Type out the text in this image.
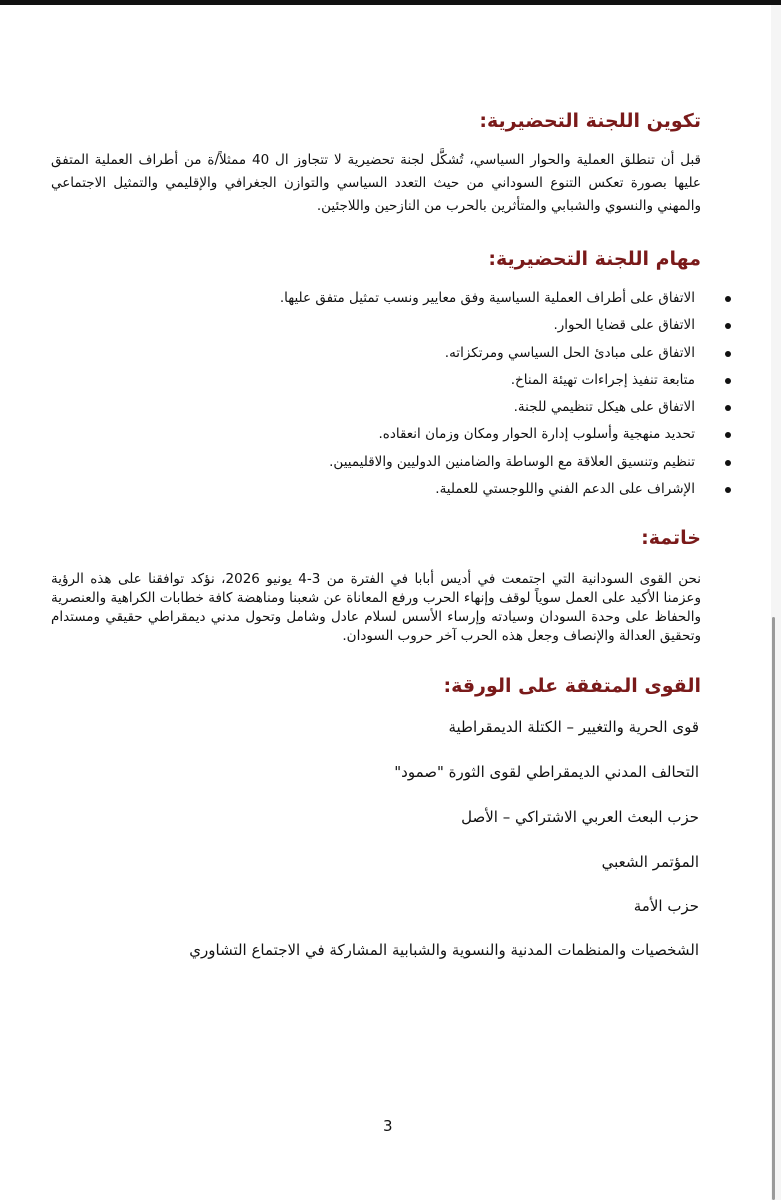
تكوين اللجنة التحضيرية:

قبل أن تنطلق العملية والحوار السياسي، تُشكَّل لجنة تحضيرية لا تتجاوز ال 40 ممثلاً/ة من أطراف العملية المتفق عليها بصورة تعكس التنوع السوداني من حيث التعدد السياسي والتوازن الجغرافي والإقليمي والتمثيل الاجتماعي والمهني والنسوي والشبابي والمتأثرين بالحرب من النازحين واللاجئين.

مهام اللجنة التحضيرية:
الاتفاق على أطراف العملية السياسية وفق معايير ونسب تمثيل متفق عليها.
الاتفاق على قضايا الحوار.
الاتفاق على مبادئ الحل السياسي ومرتكزاته.
متابعة تنفيذ إجراءات تهيئة المناخ.
الاتفاق على هيكل تنظيمي للجنة.
تحديد منهجية وأسلوب إدارة الحوار ومكان وزمان انعقاده.
تنظيم وتنسيق العلاقة مع الوساطة والضامنين الدوليين والاقليميين.
الإشراف على الدعم الفني واللوجستي للعملية.
خاتمة:

نحن القوى السودانية التي اجتمعت في أديس أبابا في الفترة من 3-4 يونيو 2026، نؤكد توافقنا على هذه الرؤية وعزمنا الأكيد على العمل سوياً لوقف وإنهاء الحرب ورفع المعاناة عن شعبنا ومناهضة كافة خطابات الكراهية والعنصرية والحفاظ على وحدة السودان وسيادته وإرساء الأسس لسلام عادل وشامل وتحول مدني ديمقراطي حقيقي ومستدام وتحقيق العدالة والإنصاف وجعل هذه الحرب آخر حروب السودان.

القوى المتفقة على الورقة:

قوى الحرية والتغيير – الكتلة الديمقراطية

التحالف المدني الديمقراطي لقوى الثورة "صمود"

حزب البعث العربي الاشتراكي – الأصل

المؤتمر الشعبي

حزب الأمة

الشخصيات والمنظمات المدنية والنسوية والشبابية المشاركة في الاجتماع التشاوري

3
